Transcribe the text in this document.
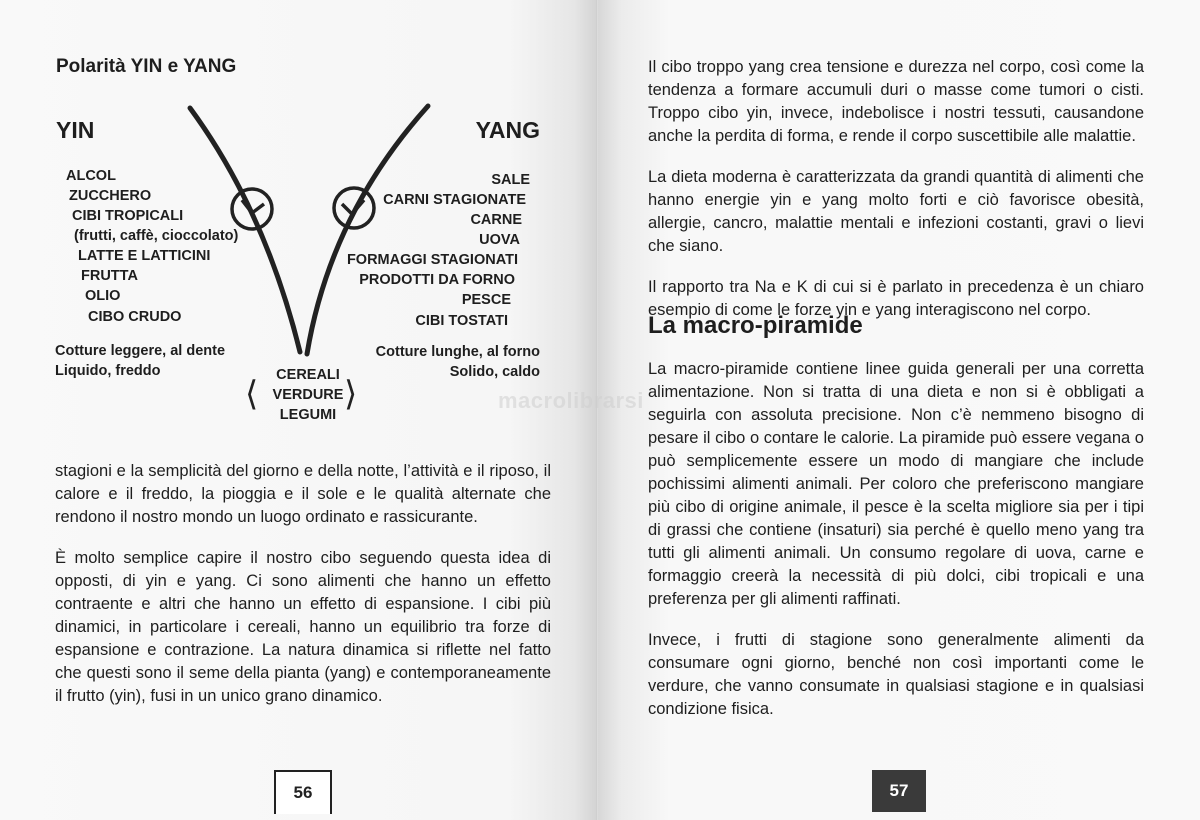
Polarità YIN e YANG
YIN	YANG
ALCOL
ZUCCHERO
CIBI TROPICALI
(frutti, caffè, cioccolato)
LATTE E LATTICINI
FRUTTA
OLIO
CIBO CRUDO
SALE
CARNI STAGIONATE
CARNE
UOVA
FORMAGGI STAGIONATI
PRODOTTI DA FORNO
PESCE
CIBI TOSTATI
Cotture leggere, al dente
Liquido, freddo
Cotture lunghe, al forno
Solido, caldo
CEREALI
VERDURE
LEGUMI
⟨	⟩

stagioni e la semplicità del giorno e della notte, l’attività e il riposo, il calore e il freddo, la pioggia e il sole e le qualità alternate che rendono il nostro mondo un luogo ordinato e rassicurante.

È molto semplice capire il nostro cibo seguendo questa idea di opposti, di yin e yang. Ci sono alimenti che hanno un effetto contraente e altri che hanno un effetto di espansione. I cibi più dinamici, in particolare i cereali, hanno un equilibrio tra forze di espansione e contrazione. La natura dinamica si riflette nel fatto che questi sono il seme della pianta (yang) e contemporaneamente il frutto (yin), fusi in un unico grano dinamico.

56

Il cibo troppo yang crea tensione e durezza nel corpo, così come la tendenza a formare accumuli duri o masse come tumori o cisti. Troppo cibo yin, invece, indebolisce i nostri tessuti, causandone anche la perdita di forma, e rende il corpo suscettibile alle malattie.

La dieta moderna è caratterizzata da grandi quantità di alimenti che hanno energie yin e yang molto forti e ciò favorisce obesità, allergie, cancro, malattie mentali e infezioni costanti, gravi o lievi che siano.

Il rapporto tra Na e K di cui si è parlato in precedenza è un chiaro esempio di come le forze yin e yang interagiscono nel corpo.

La macro-piramide

La macro-piramide contiene linee guida generali per una corretta alimentazione. Non si tratta di una dieta e non si è obbligati a seguirla con assoluta precisione. Non c’è nemmeno bisogno di pesare il cibo o contare le calorie. La piramide può essere vegana o può semplicemente essere un modo di mangiare che include pochissimi alimenti animali. Per coloro che preferiscono mangiare più cibo di origine animale, il pesce è la scelta migliore sia per i tipi di grassi che contiene (insaturi) sia perché è quello meno yang tra tutti gli alimenti animali. Un consumo regolare di uova, carne e formaggio creerà la necessità di più dolci, cibi tropicali e una preferenza per gli alimenti raffinati.

Invece, i frutti di stagione sono generalmente alimenti da consumare ogni giorno, benché non così importanti come le verdure, che vanno consumate in qualsiasi stagione e in qualsiasi condizione fisica.

57
macrolibrarsi
